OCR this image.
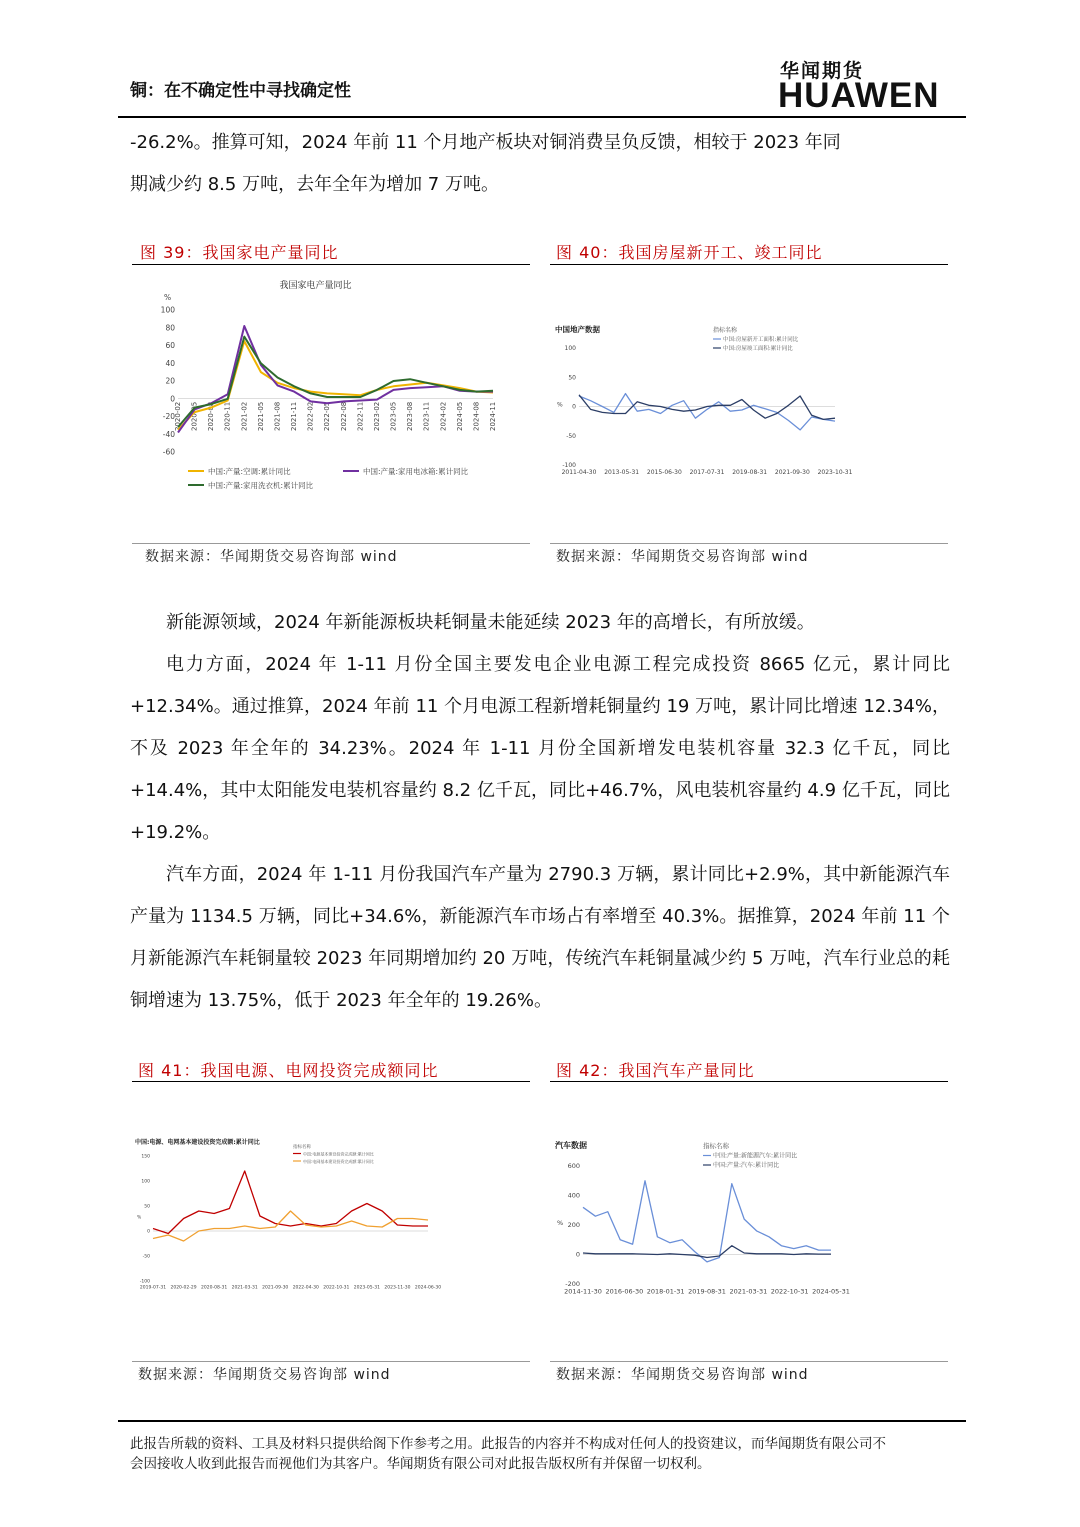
铜：在不确定性中寻找确定性
华闻期货
HUAWEN

-26.2%。推算可知，2024 年前 11 个月地产板块对铜消费呈负反馈，相较于 2023 年同

期减少约 8.5 万吨，去年全年为增加 7 万吨。

图 39：我国家电产量同比
我国家电产量同比
%
100
80
60
40
20
0
-20
-40
-60
2020-02 2020-05 2020-08 2020-11 2021-02 2021-05 2021-08 2021-11 2022-02 2022-05 2022-08 2022-11 2023-02 2023-05 2023-08 2023-11 2024-02 2024-05 2024-08 2024-11
中国:产量:空调:累计同比	中国:产量:家用电冰箱:累计同比
中国:产量:家用洗衣机:累计同比
数据来源：华闻期货交易咨询部 wind
图 40：我国房屋新开工、竣工同比
中国地产数据
%
100
50
0
-50
-100
2011-04-30 2013-05-31 2015-06-30 2017-07-31 2019-08-31 2021-09-30 2023-10-31
指标名称
中国:房屋新开工面积:累计同比
中国:房屋竣工面积:累计同比
数据来源：华闻期货交易咨询部 wind

新能源领域，2024 年新能源板块耗铜量未能延续 2023 年的高增长，有所放缓。

电力方面，2024 年 1-11 月份全国主要发电企业电源工程完成投资 8665 亿元，累计同比+12.34%。通过推算，2024 年前 11 个月电源工程新增耗铜量约 19 万吨，累计同比增速 12.34%，不及 2023 年全年的 34.23%。2024 年 1-11 月份全国新增发电装机容量 32.3 亿千瓦，同比+14.4%，其中太阳能发电装机容量约 8.2 亿千瓦，同比+46.7%，风电装机容量约 4.9 亿千瓦，同比+19.2%。

汽车方面，2024 年 1-11 月份我国汽车产量为 2790.3 万辆，累计同比+2.9%，其中新能源汽车产量为 1134.5 万辆，同比+34.6%，新能源汽车市场占有率增至 40.3%。据推算，2024 年前 11 个月新能源汽车耗铜量较 2023 年同期增加约 20 万吨，传统汽车耗铜量减少约 5 万吨，汽车行业总的耗铜增速为 13.75%，低于 2023 年全年的 19.26%。

图 41：我国电源、电网投资完成额同比
中国:电源、电网基本建设投资完成额:累计同比
%
150
100
50
0
-50
-100
2019-07-31 2020-02-29 2020-08-31 2021-03-31 2021-09-30 2022-04-30 2022-10-31 2023-05-31 2023-11-30 2024-06-30
指标名称
中国:电源基本建设投资完成额:累计同比
中国:电网基本建设投资完成额:累计同比
数据来源：华闻期货交易咨询部 wind
图 42：我国汽车产量同比
汽车数据
%
600
400
200
0
-200
2014-11-30 2016-06-30 2018-01-31 2019-08-31 2021-03-31 2022-10-31 2024-05-31
指标名称
中国:产量:新能源汽车:累计同比
中国:产量:汽车:累计同比
数据来源：华闻期货交易咨询部 wind
此报告所载的资料、工具及材料只提供给阁下作参考之用。此报告的内容并不构成对任何人的投资建议，而华闻期货有限公司不
会因接收人收到此报告而视他们为其客户。华闻期货有限公司对此报告版权所有并保留一切权利。
